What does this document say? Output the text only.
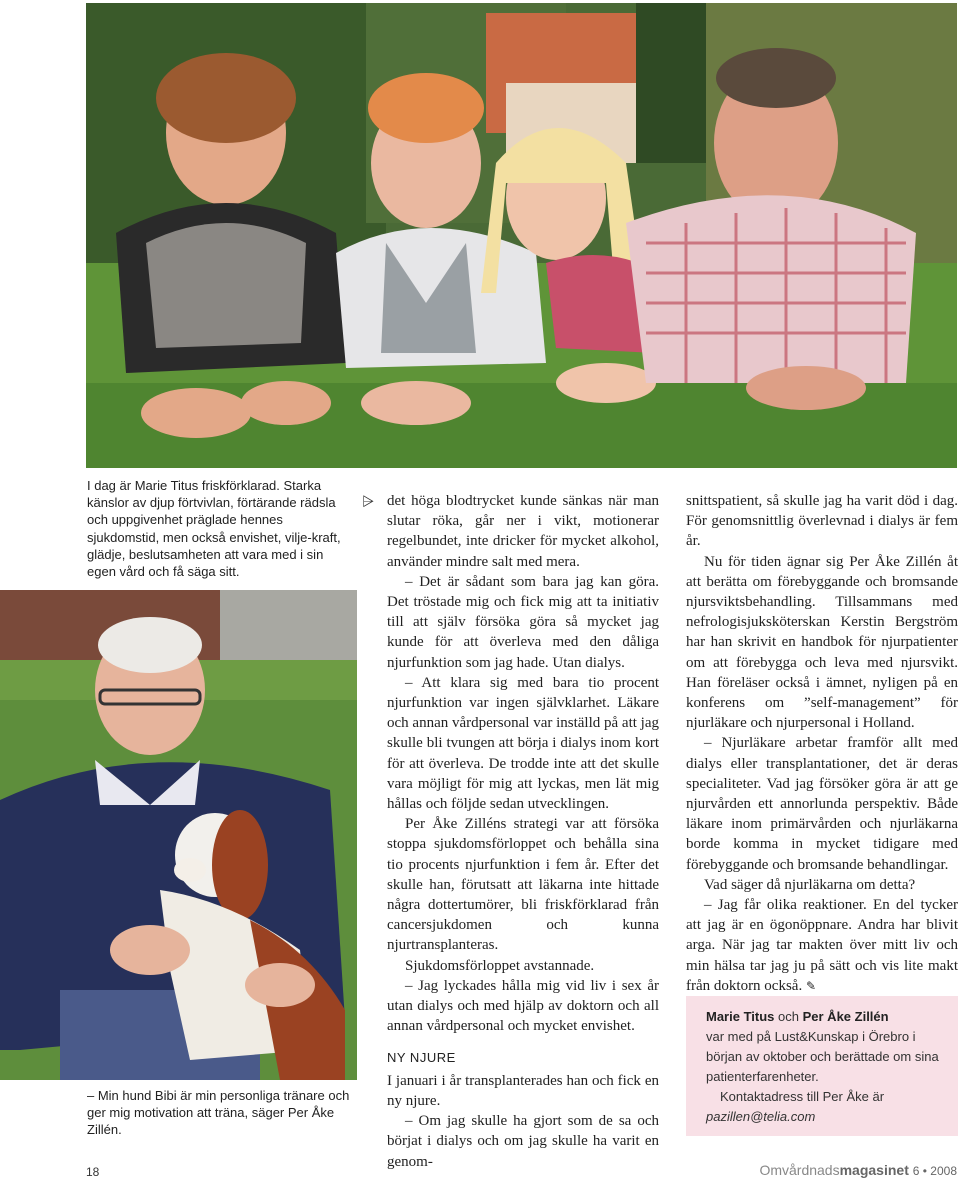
I dag är Marie Titus friskförklarad. Starka känslor av djup förtvivlan, förtärande rädsla och uppgivenhet präglade hennes sjukdomstid, men också envishet, vilje-kraft, glädje, beslutsamheten att vara med i sin egen vård och få säga sitt.
– Min hund Bibi är min personliga tränare och ger mig motivation att träna, säger Per Åke Zillén.
⩥ det höga blodtrycket kunde sänkas när man slutar röka, går ner i vikt, motionerar regelbundet, inte dricker för mycket alkohol, använder mindre salt med mera.

– Det är sådant som bara jag kan göra. Det tröstade mig och fick mig att ta initiativ till att själv försöka göra så mycket jag kunde för att överleva med den dåliga njurfunktion som jag hade. Utan dialys.

– Att klara sig med bara tio procent njurfunktion var ingen självklarhet. Läkare och annan vårdpersonal var inställd på att jag skulle bli tvungen att börja i dialys inom kort för att överleva. De trodde inte att det skulle vara möjligt för mig att lyckas, men lät mig hållas och följde sedan utvecklingen.

Per Åke Zilléns strategi var att försöka stoppa sjukdomsförloppet och behålla sina tio procents njurfunktion i fem år. Efter det skulle han, förutsatt att läkarna inte hittade några dottertumörer, bli friskförklarad från cancersjukdomen och kunna njurtransplanteras.

Sjukdomsförloppet avstannade.

– Jag lyckades hålla mig vid liv i sex år utan dialys och med hjälp av doktorn och all annan vårdpersonal och mycket envishet.

NY NJURE

I januari i år transplanterades han och fick en ny njure.

– Om jag skulle ha gjort som de sa och börjat i dialys och om jag skulle ha varit en genom-

snittspatient, så skulle jag ha varit död i dag. För genomsnittlig överlevnad i dialys är fem år.

Nu för tiden ägnar sig Per Åke Zillén åt att berätta om förebyggande och bromsande njursviktsbehandling. Tillsammans med nefrologisjuksköterskan Kerstin Bergström har han skrivit en handbok för njurpatienter om att förebygga och leva med njursvikt. Han föreläser också i ämnet, nyligen på en konferens om ”self-management” för njurläkare och njurpersonal i Holland.

– Njurläkare arbetar framför allt med dialys eller transplantationer, det är deras specialiteter. Vad jag försöker göra är att ge njurvården ett annorlunda perspektiv. Både läkare inom primärvården och njurläkarna borde komma in mycket tidigare med förebyggande och bromsande behandlingar.

Vad säger då njurläkarna om detta?

– Jag får olika reaktioner. En del tycker att jag är en ögonöppnare. Andra har blivit arga. När jag tar makten över mitt liv och min hälsa tar jag ju på sätt och vis lite makt från doktorn också. ✎

Marie Titus och Per Åke Zillén
var med på Lust&Kunskap i Örebro i början av oktober och berättade om sina patienterfarenheter.
Kontaktadress till Per Åke är
pazillen@telia.com
18	Omvårdnadsmagasinet 6 • 2008
